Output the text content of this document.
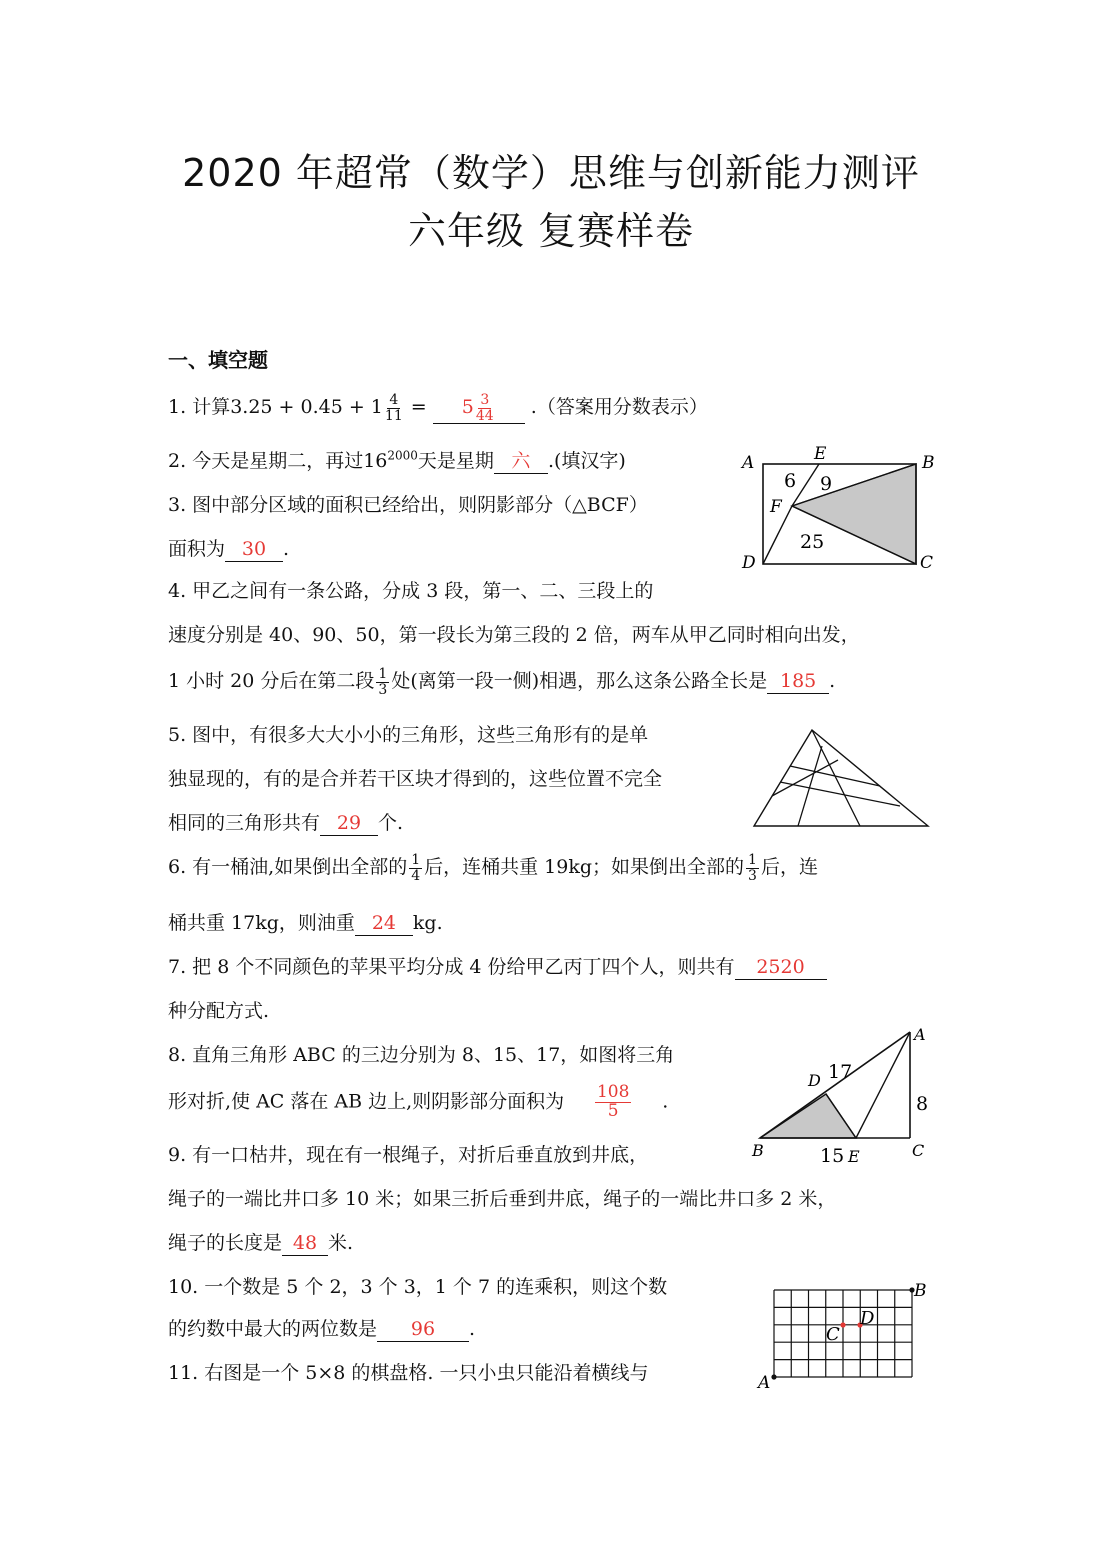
2020 年超常（数学）思维与创新能力测评
六年级 复赛样卷
一、填空题
1. 计算$3.25 + 0.45 + 1 \frac{4}{11} = 5 \frac{3}{44}$ .（答案用分数表示）
2. 今天是星期二，再过$16^{2000}$天是星期 六 .(填汉字)
3. 图中部分区域的面积已经给出，则阴影部分（△BCF）
面积为 30 .
A	B
C
D
E
F
6 9
25
4. 甲乙之间有一条公路，分成 3 段，第一、二、三段上的
速度分别是 40、90、50，第一段长为第三段的 2 倍，两车从甲乙同时相向出发，
1 小时 20 分后在第二段 $\frac{1}{3}$ 处(离第一段一侧)相遇，那么这条公路全长是 185 .
5. 图中，有很多大大小小的三角形，这些三角形有的是单
独显现的，有的是合并若干区块才得到的，这些位置不完全
相同的三角形共有 29 个.
6. 有一桶油,如果倒出全部的 $\frac{1}{4}$ 后，连桶共重 19kg；如果倒出全部的 $\frac{1}{3}$ 后，连
桶共重 17kg，则油重 24 kg.
7. 把 8 个不同颜色的苹果平均分成 4 份给甲乙丙丁四个人，则共有 2520
种分配方式.
8. 直角三角形 ABC 的三边分别为 8、15、17，如图将三角
形对折,使 AC 落在 AB 边上,则阴影部分面积为 $\frac{108}{5}$ .
A
B	C
D
E
17
8
15
9. 有一口枯井，现在有一根绳子，对折后垂直放到井底，
绳子的一端比井口多 10 米；如果三折后垂到井底，绳子的一端比井口多 2 米，
绳子的长度是 48 米.
10. 一个数是 5 个 2，3 个 3，1 个 7 的连乘积，则这个数
的约数中最大的两位数是 96 .
11. 右图是一个 5×8 的棋盘格. 一只小虫只能沿着横线与	A
B
C
D
